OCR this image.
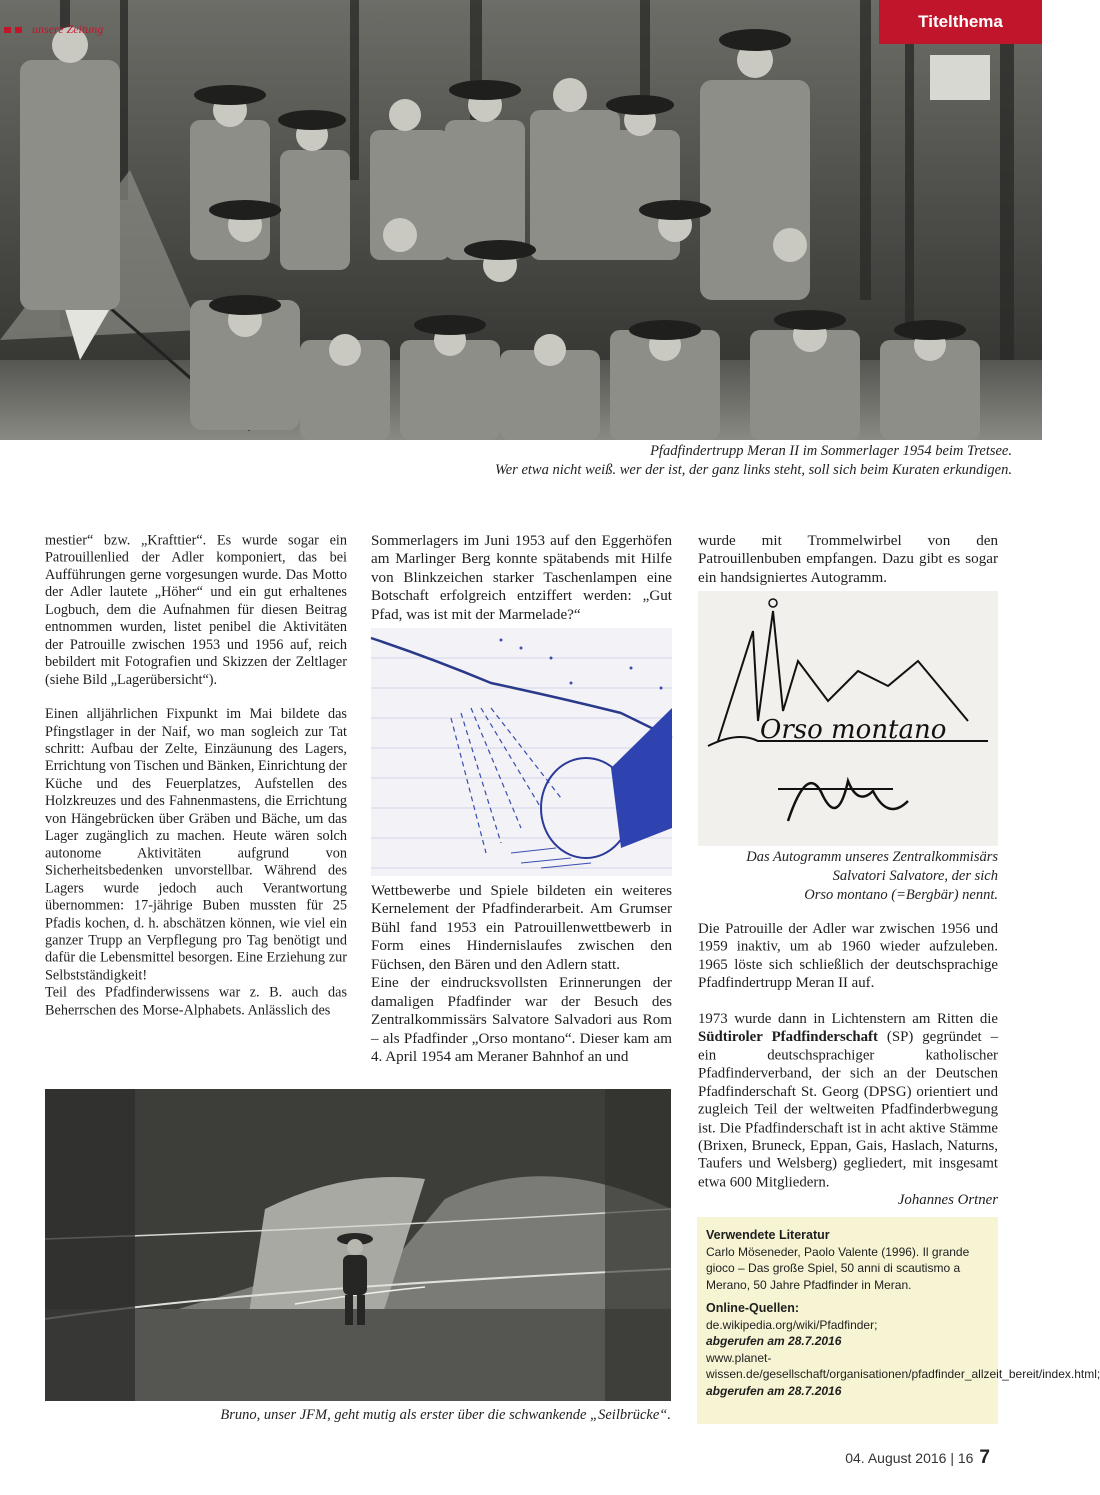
unsere Zeitung	Titelthema
Pfadfindertrupp Meran II im Sommerlager 1954 beim Tretsee.
Wer etwa nicht weiß. wer der ist, der ganz links steht, soll sich beim Kuraten erkundigen.

mestier“ bzw. „Krafttier“. Es wurde sogar ein Patrouillenlied der Adler komponiert, das bei Aufführungen gerne vorgesungen wurde. Das Motto der Adler lautete „Höher“ und ein gut erhaltenes Logbuch, dem die Aufnahmen für diesen Beitrag entnommen wurden, listet penibel die Aktivitäten der Patrouille zwischen 1953 und 1956 auf, reich bebildert mit Fotografien und Skizzen der Zeltlager (siehe Bild „Lagerübersicht“).

Einen alljährlichen Fixpunkt im Mai bildete das Pfingstlager in der Naif, wo man sogleich zur Tat schritt: Aufbau der Zelte, Einzäunung des Lagers, Errichtung von Tischen und Bänken, Einrichtung der Küche und des Feuerplatzes, Aufstellen des Holzkreuzes und des Fahnenmastens, die Errichtung von Hängebrücken über Gräben und Bäche, um das Lager zugänglich zu machen. Heute wären solch autonome Aktivitäten aufgrund von Sicherheitsbedenken unvorstellbar. Während des Lagers wurde jedoch auch Verantwortung übernommen: 17-jährige Buben mussten für 25 Pfadis kochen, d. h. abschätzen können, wie viel ein ganzer Trupp an Verpflegung pro Tag benötigt und dafür die Lebensmittel besorgen. Eine Erziehung zur Selbstständigkeit!

Teil des Pfadfinderwissens war z. B. auch das Beherrschen des Morse-Alphabets. Anlässlich des

Sommerlagers im Juni 1953 auf den Eggerhöfen am Marlinger Berg konnte spätabends mit Hilfe von Blinkzeichen starker Taschenlampen eine Botschaft erfolgreich entziffert werden: „Gut Pfad, was ist mit der Marmelade?“

Wettbewerbe und Spiele bildeten ein weiteres Kernelement der Pfadfinderarbeit. Am Grumser Bühl fand 1953 ein Patrouillenwettbewerb in Form eines Hindernislaufes zwischen den Füchsen, den Bären und den Adlern statt.

Eine der eindrucksvollsten Erinnerungen der damaligen Pfadfinder war der Besuch des Zentralkommissärs Salvatore Salvadori aus Rom – als Pfadfinder „Orso montano“. Dieser kam am 4. April 1954 am Meraner Bahnhof an und

wurde mit Trommelwirbel von den Patrouillenbuben empfangen. Dazu gibt es sogar ein handsigniertes Autogramm.

Orso montano
Das Autogramm unseres Zentralkommisärs
Salvatori Salvatore, der sich
Orso montano (=Bergbär) nennt.

Die Patrouille der Adler war zwischen 1956 und 1959 inaktiv, um ab 1960 wieder aufzuleben. 1965 löste sich schließlich der deutschsprachige Pfadfindertrupp Meran II auf.

1973 wurde dann in Lichtenstern am Ritten die Südtiroler Pfadfinderschaft (SP) gegründet – ein deutschsprachiger katholischer Pfadfinderverband, der sich an der Deutschen Pfadfinderschaft St. Georg (DPSG) orientiert und zugleich Teil der weltweiten Pfadfinderbwegung ist. Die Pfadfinderschaft ist in acht aktive Stämme (Brixen, Bruneck, Eppan, Gais, Haslach, Naturns, Taufers und Welsberg) gegliedert, mit insgesamt etwa 600 Mitgliedern.

Johannes Ortner

Bruno, unser JFM, geht mutig als erster über die schwankende „Seilbrücke“.
Verwendete Literatur
Carlo Möseneder, Paolo Valente (1996). Il grande gioco – Das große Spiel, 50 anni di scautismo a Merano, 50 Jahre Pfadfinder in Meran.
Online-Quellen:
de.wikipedia.org/wiki/Pfadfinder;
abgerufen am 28.7.2016
www.planet-wissen.de/gesellschaft/organisationen/pfadfinder_allzeit_bereit/index.html;
abgerufen am 28.7.2016
04. August 2016 | 16 7
